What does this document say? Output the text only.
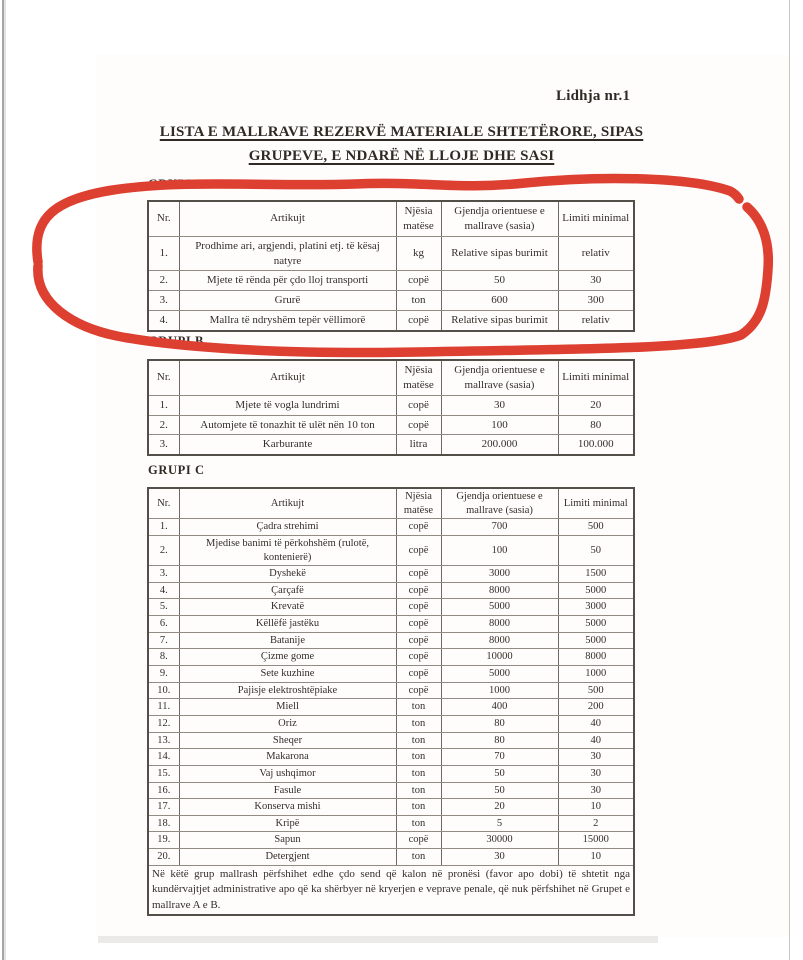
Lidhja nr.1
LISTA E MALLRAVE REZERVË MATERIALE SHTETËRORE, SIPAS
GRUPEVE, E NDARË NË LLOJE DHE SASI
GRUPI A
Nr.	Artikujt	Njësia matëse	Gjendja orientuese e mallrave (sasia)	Limiti minimal
1.	Prodhime ari, argjendi, platini etj. të kësaj natyre	kg	Relative sipas burimit	relativ
2.	Mjete të rënda për çdo lloj transporti	copë	50	30
3.	Grurë	ton	600	300
4.	Mallra të ndryshëm tepër vëllimorë	copë	Relative sipas burimit	relativ
GRUPI B
Nr.	Artikujt	Njësia matëse	Gjendja orientuese e mallrave (sasia)	Limiti minimal
1.	Mjete të vogla lundrimi	copë	30	20
2.	Automjete të tonazhit të ulët nën 10 ton	copë	100	80
3.	Karburante	litra	200.000	100.000
GRUPI C
Nr.	Artikujt	Njësia matëse	Gjendja orientuese e mallrave (sasia)	Limiti minimal
1.	Çadra strehimi	copë	700	500
2.	Mjedise banimi të përkohshëm (rulotë, kontenierë)	copë	100	50
3.	Dyshekë	copë	3000	1500
4.	Çarçafë	copë	8000	5000
5.	Krevatë	copë	5000	3000
6.	Këllëfë jastëku	copë	8000	5000
7.	Batanije	copë	8000	5000
8.	Çizme gome	copë	10000	8000
9.	Sete kuzhine	copë	5000	1000
10.	Pajisje elektroshtëpiake	copë	1000	500
11.	Miell	ton	400	200
12.	Oriz	ton	80	40
13.	Sheqer	ton	80	40
14.	Makarona	ton	70	30
15.	Vaj ushqimor	ton	50	30
16.	Fasule	ton	50	30
17.	Konserva mishi	ton	20	10
18.	Kripë	ton	5	2
19.	Sapun	copë	30000	15000
20.	Detergjent	ton	30	10
Në këtë grup mallrash përfshihet edhe çdo send që kalon në pronësi (favor apo dobi) të shtetit nga kundërvajtjet administrative apo që ka shërbyer në kryerjen e veprave penale, që nuk përfshihet në Grupet e mallrave A e B.				
